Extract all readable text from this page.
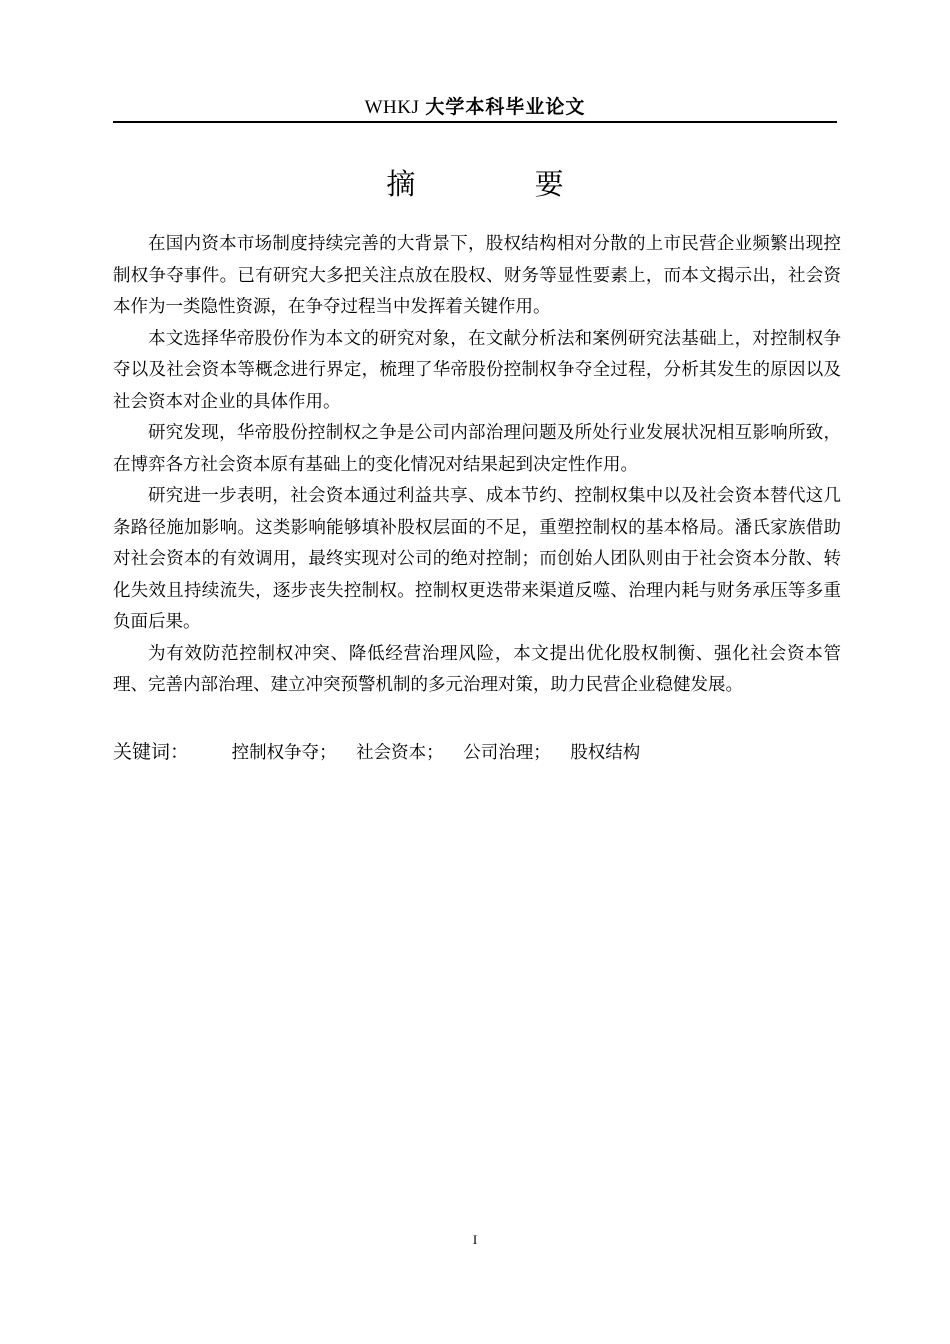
WHKJ 大学本科毕业论文
摘 要

在国内资本市场制度持续完善的大背景下，股权结构相对分散的上市民营企业频繁出现控制权争夺事件。已有研究大多把关注点放在股权、财务等显性要素上，而本文揭示出，社会资本作为一类隐性资源，在争夺过程当中发挥着关键作用。

本文选择华帝股份作为本文的研究对象，在文献分析法和案例研究法基础上，对控制权争夺以及社会资本等概念进行界定，梳理了华帝股份控制权争夺全过程，分析其发生的原因以及社会资本对企业的具体作用。

研究发现，华帝股份控制权之争是公司内部治理问题及所处行业发展状况相互影响所致，在博弈各方社会资本原有基础上的变化情况对结果起到决定性作用。

研究进一步表明，社会资本通过利益共享、成本节约、控制权集中以及社会资本替代这几条路径施加影响。这类影响能够填补股权层面的不足，重塑控制权的基本格局。潘氏家族借助对社会资本的有效调用，最终实现对公司的绝对控制；而创始人团队则由于社会资本分散、转化失效且持续流失，逐步丧失控制权。控制权更迭带来渠道反噬、治理内耗与财务承压等多重负面后果。

为有效防范控制权冲突、降低经营治理风险，本文提出优化股权制衡、强化社会资本管理、完善内部治理、建立冲突预警机制的多元治理对策，助力民营企业稳健发展。

关键词： 控制权争夺； 社会资本； 公司治理； 股权结构
I
